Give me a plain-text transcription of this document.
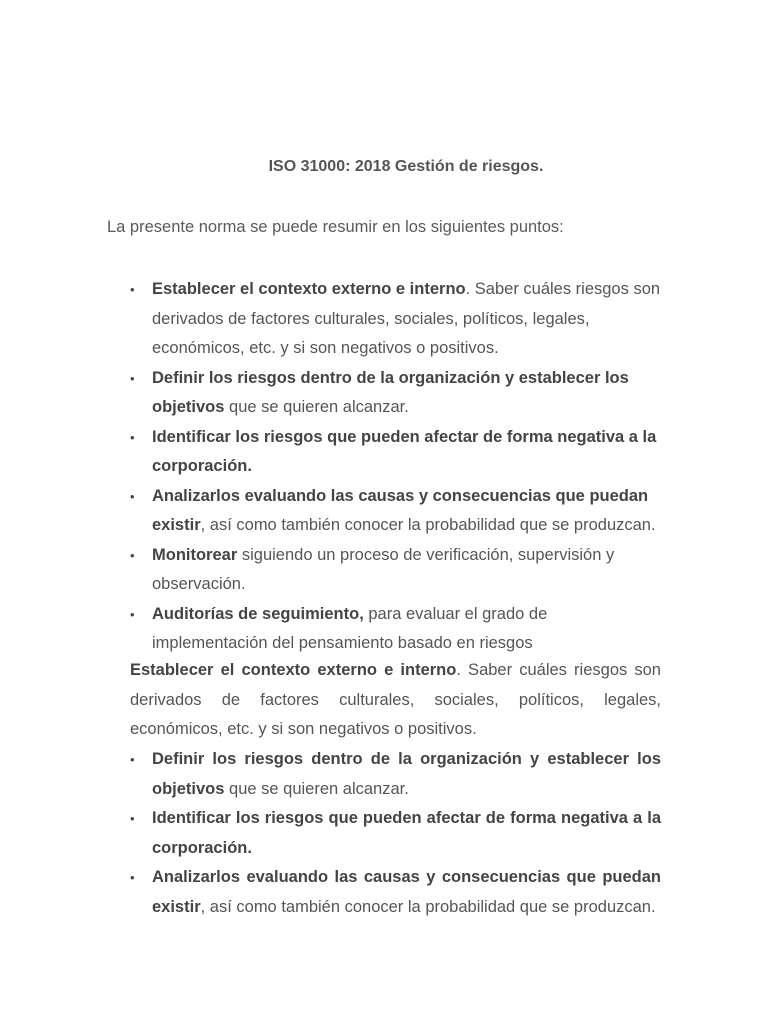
ISO 31000: 2018 Gestión de riesgos.
La presente norma se puede resumir en los siguientes puntos:
• Establecer el contexto externo e interno. Saber cuáles riesgos son derivados de factores culturales, sociales, políticos, legales, económicos, etc. y si son negativos o positivos.
• Definir los riesgos dentro de la organización y establecer los objetivos que se quieren alcanzar.
• Identificar los riesgos que pueden afectar de forma negativa a la corporación.
• Analizarlos evaluando las causas y consecuencias que puedan existir, así como también conocer la probabilidad que se produzcan.
• Monitorear siguiendo un proceso de verificación, supervisión y observación.
• Auditorías de seguimiento, para evaluar el grado de implementación del pensamiento basado en riesgos

Establecer el contexto externo e interno. Saber cuáles riesgos son derivados de factores culturales, sociales, políticos, legales, económicos, etc. y si son negativos o positivos.

• Definir los riesgos dentro de la organización y establecer los objetivos que se quieren alcanzar.
• Identificar los riesgos que pueden afectar de forma negativa a la corporación.
• Analizarlos evaluando las causas y consecuencias que puedan existir, así como también conocer la probabilidad que se produzcan.
